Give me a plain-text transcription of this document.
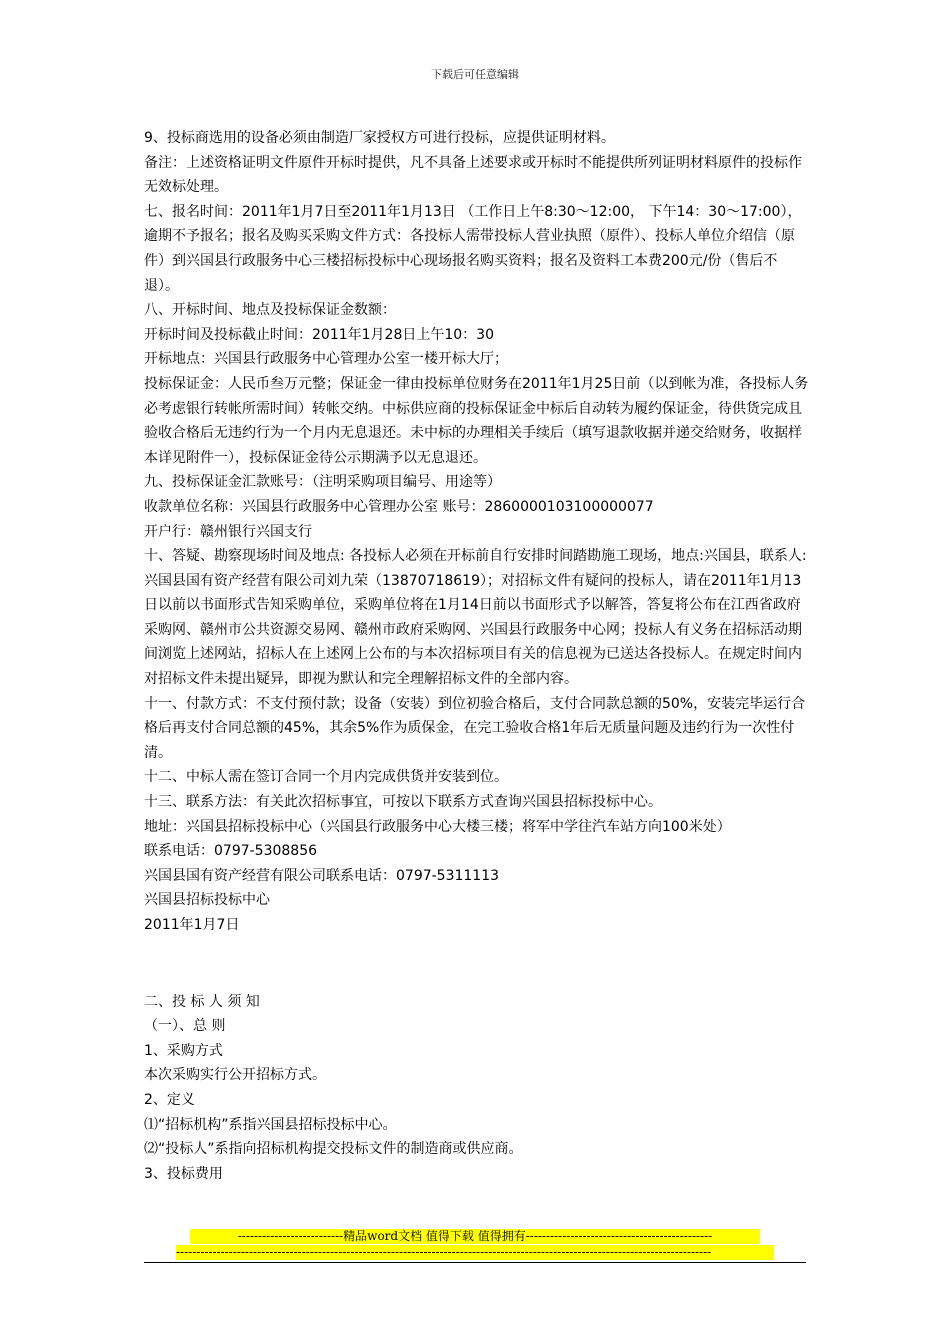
下载后可任意编辑

9、投标商选用的设备必须由制造厂家授权方可进行投标，应提供证明材料。

备注：上述资格证明文件原件开标时提供，凡不具备上述要求或开标时不能提供所列证明材料原件的投标作无效标处理。

七、报名时间：2011年1月7日至2011年1月13日 （工作日上午8:30～12:00， 下午14：30～17:00），逾期不予报名；报名及购买采购文件方式：各投标人需带投标人营业执照（原件）、投标人单位介绍信（原件）到兴国县行政服务中心三楼招标投标中心现场报名购买资料；报名及资料工本费200元/份（售后不退）。

八、开标时间、地点及投标保证金数额：

开标时间及投标截止时间：2011年1月28日上午10：30

开标地点：兴国县行政服务中心管理办公室一楼开标大厅；

投标保证金：人民币叁万元整；保证金一律由投标单位财务在2011年1月25日前（以到帐为准，各投标人务必考虑银行转帐所需时间）转帐交纳。中标供应商的投标保证金中标后自动转为履约保证金，待供货完成且验收合格后无违约行为一个月内无息退还。未中标的办理相关手续后（填写退款收据并递交给财务，收据样本详见附件一），投标保证金待公示期满予以无息退还。

九、投标保证金汇款账号：（注明采购项目编号、用途等）

收款单位名称：兴国县行政服务中心管理办公室 账号：2860000103100000077

开户行：赣州银行兴国支行

十、答疑、勘察现场时间及地点: 各投标人必须在开标前自行安排时间踏勘施工现场，地点:兴国县，联系人: 兴国县国有资产经营有限公司刘九荣（13870718619）；对招标文件有疑问的投标人，请在2011年1月13日以前以书面形式告知采购单位，采购单位将在1月14日前以书面形式予以解答，答复将公布在江西省政府采购网、赣州市公共资源交易网、赣州市政府采购网、兴国县行政服务中心网；投标人有义务在招标活动期间浏览上述网站，招标人在上述网上公布的与本次招标项目有关的信息视为已送达各投标人。在规定时间内对招标文件未提出疑异，即视为默认和完全理解招标文件的全部内容。

十一、付款方式：不支付预付款；设备（安装）到位初验合格后，支付合同款总额的50%，安装完毕运行合格后再支付合同总额的45%，其余5%作为质保金，在完工验收合格1年后无质量问题及违约行为一次性付清。

十二、中标人需在签订合同一个月内完成供货并安装到位。

十三、联系方法：有关此次招标事宜，可按以下联系方式查询兴国县招标投标中心。

地址：兴国县招标投标中心（兴国县行政服务中心大楼三楼；将军中学往汽车站方向100米处）

联系电话：0797-5308856

兴国县国有资产经营有限公司联系电话：0797-5311113

兴国县招标投标中心

2011年1月7日

二、投 标 人 须 知

（一）、总 则

1、采购方式

本次采购实行公开招标方式。

2、定义

⑴“招标机构”系指兴国县招标投标中心。

⑵“投标人”系指向招标机构提交投标文件的制造商或供应商。

3、投标费用

--------------------------精品word文档 值得下载 值得拥有----------------------------------------------
------------------------------------------------------------------------------------------------------------------------------------
